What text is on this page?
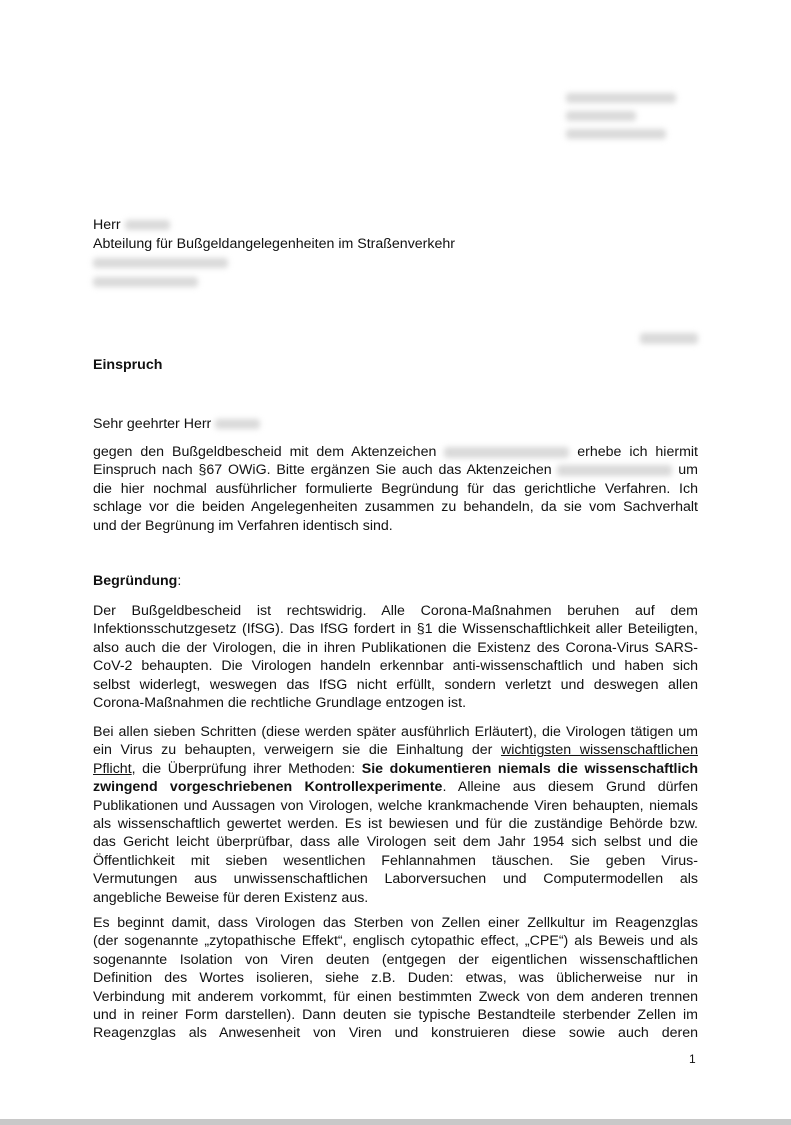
Herr
Abteilung für Bußgeldangelegenheiten im Straßenverkehr
Einspruch
Sehr geehrter Herr
gegen den Bußgeldbescheid mit dem Aktenzeichen	erhebe ich hiermit
Einspruch nach §67 OWiG. Bitte ergänzen Sie auch das Aktenzeichen	um
die hier nochmal ausführlicher formulierte Begründung für das gerichtliche Verfahren. Ich
schlage vor die beiden Angelegenheiten zusammen zu behandeln, da sie vom Sachverhalt
und der Begrünung im Verfahren identisch sind.
Begründung:
Der Bußgeldbescheid ist rechtswidrig. Alle Corona-Maßnahmen beruhen auf dem
Infektionsschutzgesetz (IfSG). Das IfSG fordert in §1 die Wissenschaftlichkeit aller Beteiligten,
also auch die der Virologen, die in ihren Publikationen die Existenz des Corona-Virus SARS-
CoV-2 behaupten. Die Virologen handeln erkennbar anti-wissenschaftlich und haben sich
selbst widerlegt, weswegen das IfSG nicht erfüllt, sondern verletzt und deswegen allen
Corona-Maßnahmen die rechtliche Grundlage entzogen ist.
Bei allen sieben Schritten (diese werden später ausführlich Erläutert), die Virologen tätigen um
ein Virus zu behaupten, verweigern sie die Einhaltung der wichtigsten wissenschaftlichen
Pflicht, die Überprüfung ihrer Methoden: Sie dokumentieren niemals die wissenschaftlich
zwingend vorgeschriebenen Kontrollexperimente. Alleine aus diesem Grund dürfen
Publikationen und Aussagen von Virologen, welche krankmachende Viren behaupten, niemals
als wissenschaftlich gewertet werden. Es ist bewiesen und für die zuständige Behörde bzw.
das Gericht leicht überprüfbar, dass alle Virologen seit dem Jahr 1954 sich selbst und die
Öffentlichkeit mit sieben wesentlichen Fehlannahmen täuschen. Sie geben Virus-
Vermutungen aus unwissenschaftlichen Laborversuchen und Computermodellen als
angebliche Beweise für deren Existenz aus.
Es beginnt damit, dass Virologen das Sterben von Zellen einer Zellkultur im Reagenzglas
(der sogenannte „zytopathische Effekt“, englisch cytopathic effect, „CPE“) als Beweis und als
sogenannte Isolation von Viren deuten (entgegen der eigentlichen wissenschaftlichen
Definition des Wortes isolieren, siehe z.B. Duden: etwas, was üblicherweise nur in
Verbindung mit anderem vorkommt, für einen bestimmten Zweck von dem anderen trennen
und in reiner Form darstellen). Dann deuten sie typische Bestandteile sterbender Zellen im
Reagenzglas als Anwesenheit von Viren und konstruieren diese sowie auch deren
1
